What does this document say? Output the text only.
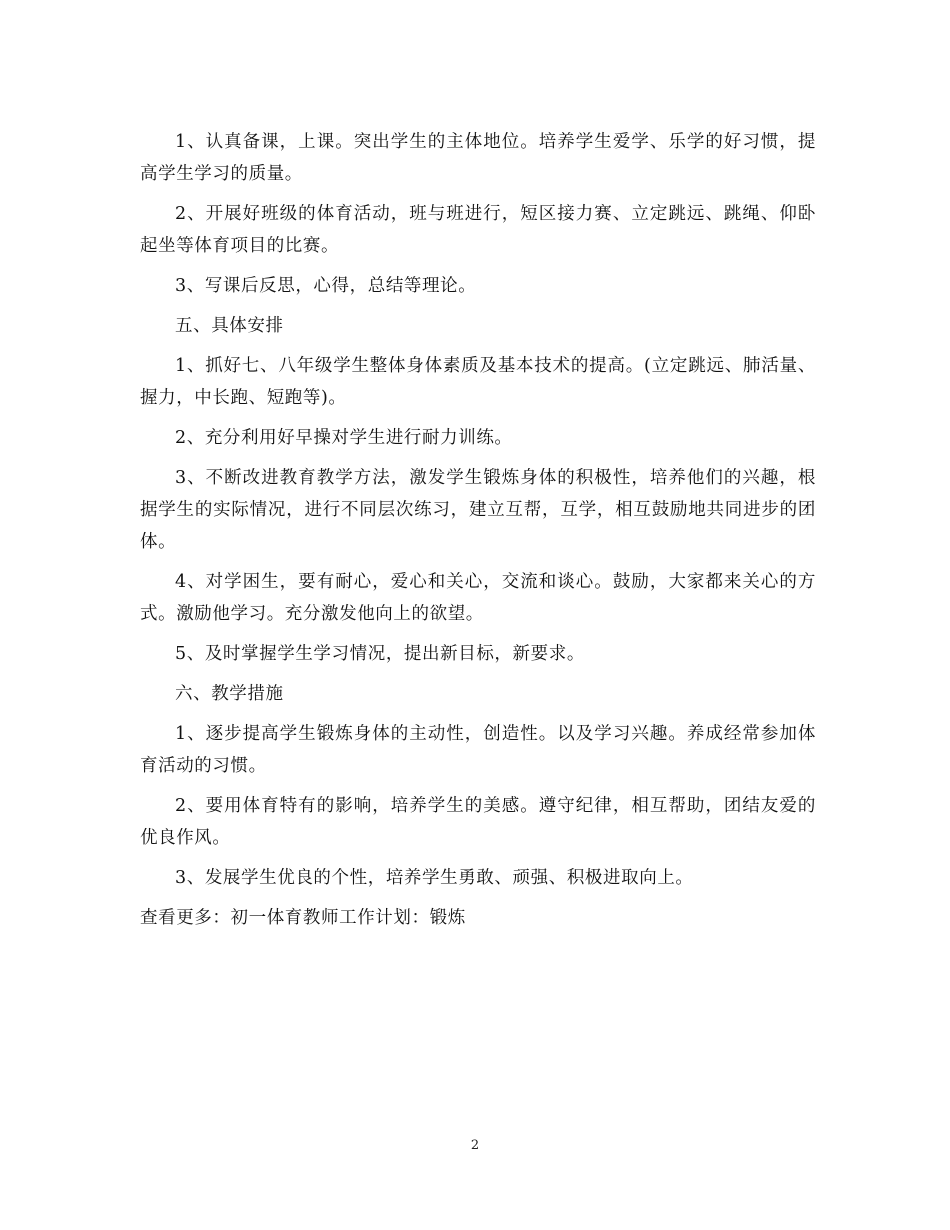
1、认真备课，上课。突出学生的主体地位。培养学生爱学、乐学的好习惯，提高学生学习的质量。

2、开展好班级的体育活动，班与班进行，短区接力赛、立定跳远、跳绳、仰卧起坐等体育项目的比赛。

3、写课后反思，心得，总结等理论。

五、具体安排

1、抓好七、八年级学生整体身体素质及基本技术的提高。(立定跳远、肺活量、握力，中长跑、短跑等)。

2、充分利用好早操对学生进行耐力训练。

3、不断改进教育教学方法，激发学生锻炼身体的积极性，培养他们的兴趣，根据学生的实际情况，进行不同层次练习，建立互帮，互学，相互鼓励地共同进步的团体。

4、对学困生，要有耐心，爱心和关心，交流和谈心。鼓励，大家都来关心的方式。激励他学习。充分激发他向上的欲望。

5、及时掌握学生学习情况，提出新目标，新要求。

六、教学措施

1、逐步提高学生锻炼身体的主动性，创造性。以及学习兴趣。养成经常参加体育活动的习惯。

2、要用体育特有的影响，培养学生的美感。遵守纪律，相互帮助，团结友爱的优良作风。

3、发展学生优良的个性，培养学生勇敢、顽强、积极进取向上。

查看更多：初一体育教师工作计划：锻炼

2
